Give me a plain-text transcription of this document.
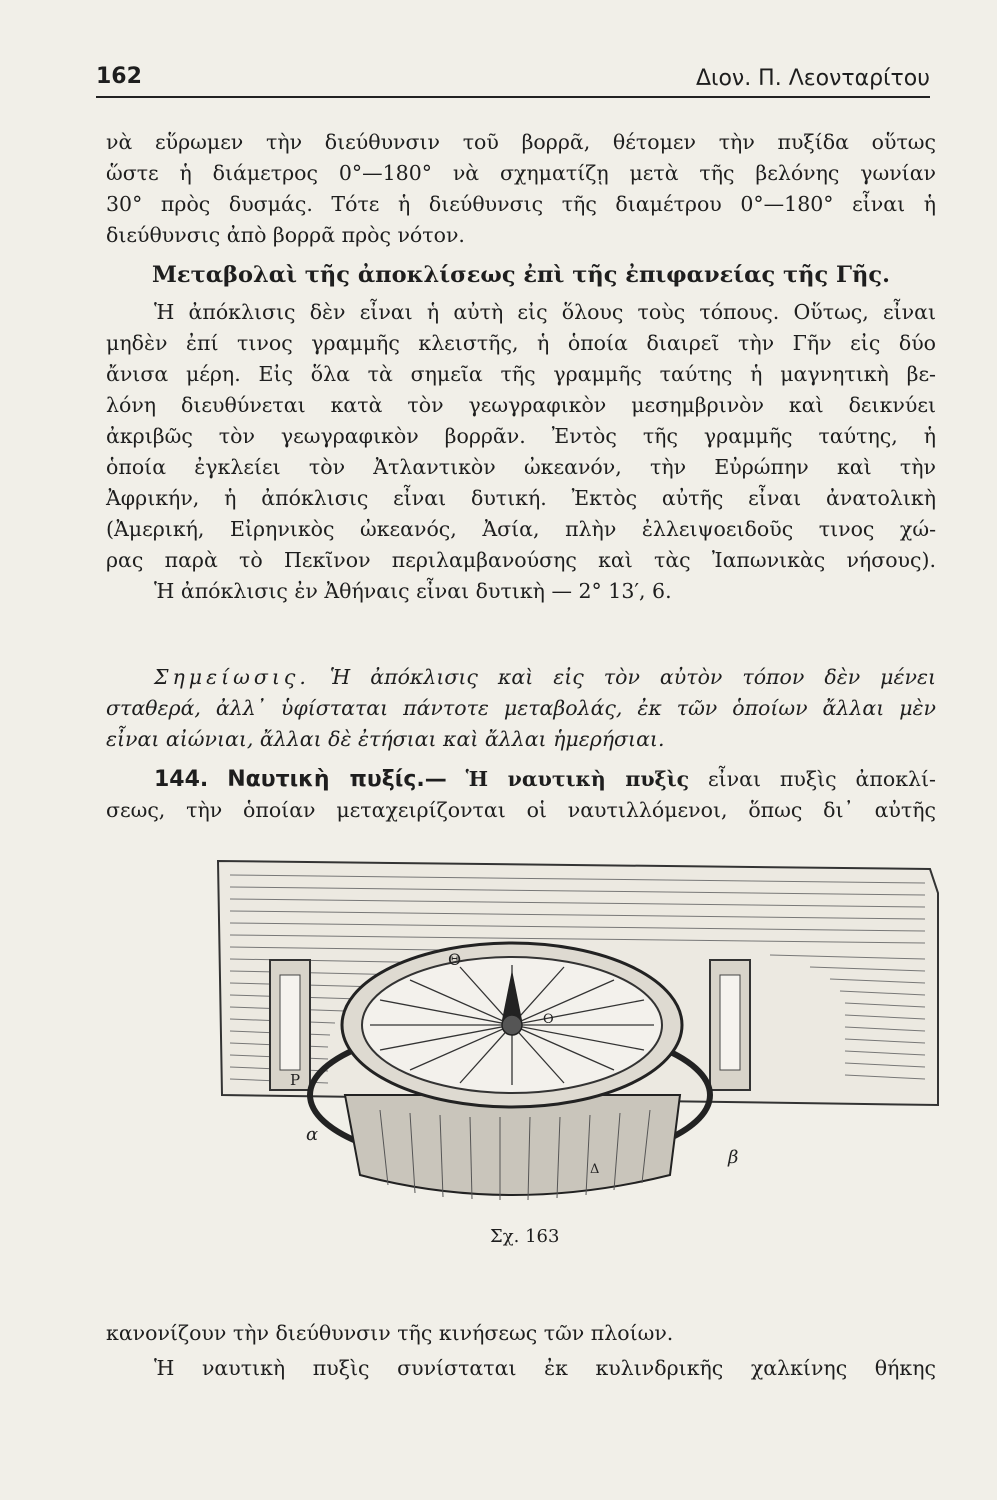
162	Διον. Π. Λεονταρίτου
νὰ εὕρωμεν τὴν διεύθυνσιν τοῦ βορρᾶ, θέτομεν τὴν πυξίδα οὕτως
ὥστε ἡ διάμετρος 0°—180° νὰ σχηματίζῃ μετὰ τῆς βελόνης γωνίαν
30° πρὸς δυσμάς. Τότε ἡ διεύθυνσις τῆς διαμέτρου 0°—180° εἶναι ἡ
διεύθυνσις ἀπὸ βορρᾶ πρὸς νότον.
Μεταβολαὶ τῆς ἀποκλίσεως ἐπὶ τῆς ἐπιφανείας τῆς Γῆς.
Ἡ ἀπόκλισις δὲν εἶναι ἡ αὐτὴ εἰς ὅλους τοὺς τόπους. Οὕτως, εἶναι
μηδὲν ἐπί τινος γραμμῆς κλειστῆς, ἡ ὁποία διαιρεῖ τὴν Γῆν εἰς δύο
ἄνισα μέρη. Εἰς ὅλα τὰ σημεῖα τῆς γραμμῆς ταύτης ἡ μαγνητικὴ βε-
λόνη διευθύνεται κατὰ τὸν γεωγραφικὸν μεσημβρινὸν καὶ δεικνύει
ἀκριβῶς τὸν γεωγραφικὸν βορρᾶν. Ἐντὸς τῆς γραμμῆς ταύτης, ἡ
ὁποία ἐγκλείει τὸν Ἀτλαντικὸν ὠκεανόν, τὴν Εὐρώπην καὶ τὴν
Ἀφρικήν, ἡ ἀπόκλισις εἶναι δυτική. Ἐκτὸς αὐτῆς εἶναι ἀνατολικὴ
(Ἀμερική, Εἰρηνικὸς ὠκεανός, Ἀσία, πλὴν ἐλλειψοειδοῦς τινος χώ-
ρας παρὰ τὸ Πεκῖνον περιλαμβανούσης καὶ τὰς Ἰαπωνικὰς νήσους).
Ἡ ἀπόκλισις ἐν Ἀθήναις εἶναι δυτικὴ — 2° 13′, 6.
Σημείωσις. Ἡ ἀπόκλισις καὶ εἰς τὸν αὐτὸν τόπον δὲν μένει
σταθερά, ἀλλ᾽ ὑφίσταται πάντοτε μεταβολάς, ἐκ τῶν ὁποίων ἄλλαι μὲν
εἶναι αἰώνιαι, ἄλλαι δὲ ἐτήσιαι καὶ ἄλλαι ἡμερήσιαι.
144. Ναυτικὴ πυξίς.— Ἡ ναυτικὴ πυξὶς εἶναι πυξὶς ἀποκλί-
σεως, τὴν ὁποίαν μεταχειρίζονται οἱ ναυτιλλόμενοι, ὅπως δι᾽ αὐτῆς
Θ
P
O
α
β
Δ
Σχ. 163
κανονίζουν τὴν διεύθυνσιν τῆς κινήσεως τῶν πλοίων.
Ἡ ναυτικὴ πυξὶς συνίσταται ἐκ κυλινδρικῆς χαλκίνης θήκης
